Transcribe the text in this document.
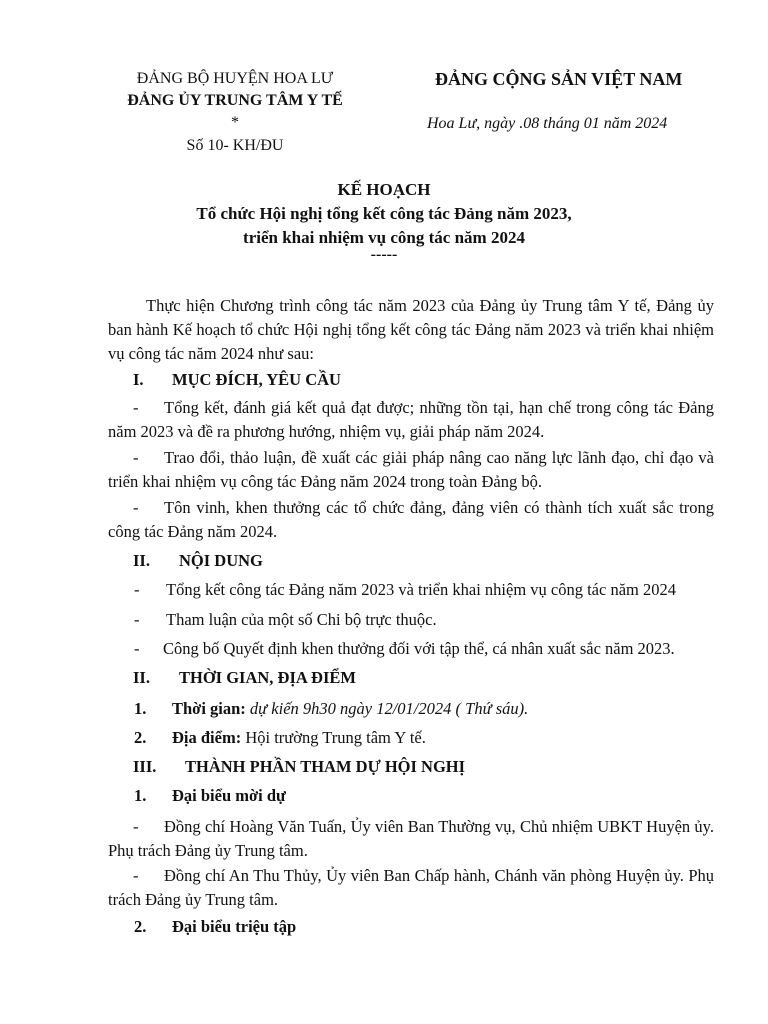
ĐẢNG BỘ HUYỆN HOA LƯ
ĐẢNG ỦY TRUNG TÂM Y TẾ
*
Số 10- KH/ĐU
ĐẢNG CỘNG SẢN VIỆT NAM
Hoa Lư, ngày .08 tháng 01 năm 2024
KẾ HOẠCH
Tổ chức Hội nghị tổng kết công tác Đảng năm 2023,
triển khai nhiệm vụ công tác năm 2024
-----
Thực hiện Chương trình công tác năm 2023 của Đảng ủy Trung tâm Y tế, Đảng ủy ban hành Kế hoạch tổ chức Hội nghị tổng kết công tác Đảng năm 2023 và triển khai nhiệm vụ công tác năm 2024 như sau:
I. MỤC ĐÍCH, YÊU CẦU
- Tổng kết, đánh giá kết quả đạt được; những tồn tại, hạn chế trong công tác Đảng năm 2023 và đề ra phương hướng, nhiệm vụ, giải pháp năm 2024.
- Trao đổi, thảo luận, đề xuất các giải pháp nâng cao năng lực lãnh đạo, chỉ đạo và triển khai nhiệm vụ công tác Đảng năm 2024 trong toàn Đảng bộ.
- Tôn vinh, khen thưởng các tổ chức đảng, đảng viên có thành tích xuất sắc trong công tác Đảng năm 2024.
II. NỘI DUNG
- Tổng kết công tác Đảng năm 2023 và triển khai nhiệm vụ công tác năm 2024
- Tham luận của một số Chi bộ trực thuộc.
- Công bố Quyết định khen thưởng đối với tập thể, cá nhân xuất sắc năm 2023.
II. THỜI GIAN, ĐỊA ĐIỂM
1. Thời gian: dự kiến 9h30 ngày 12/01/2024 ( Thứ sáu).
2. Địa điểm: Hội trường Trung tâm Y tế.
III. THÀNH PHẦN THAM DỰ HỘI NGHỊ
1. Đại biểu mời dự
- Đồng chí Hoàng Văn Tuấn, Ủy viên Ban Thường vụ, Chủ nhiệm UBKT Huyện ủy. Phụ trách Đảng ủy Trung tâm.
- Đồng chí An Thu Thủy, Ủy viên Ban Chấp hành, Chánh văn phòng Huyện ủy. Phụ trách Đảng ủy Trung tâm.
2. Đại biểu triệu tập
